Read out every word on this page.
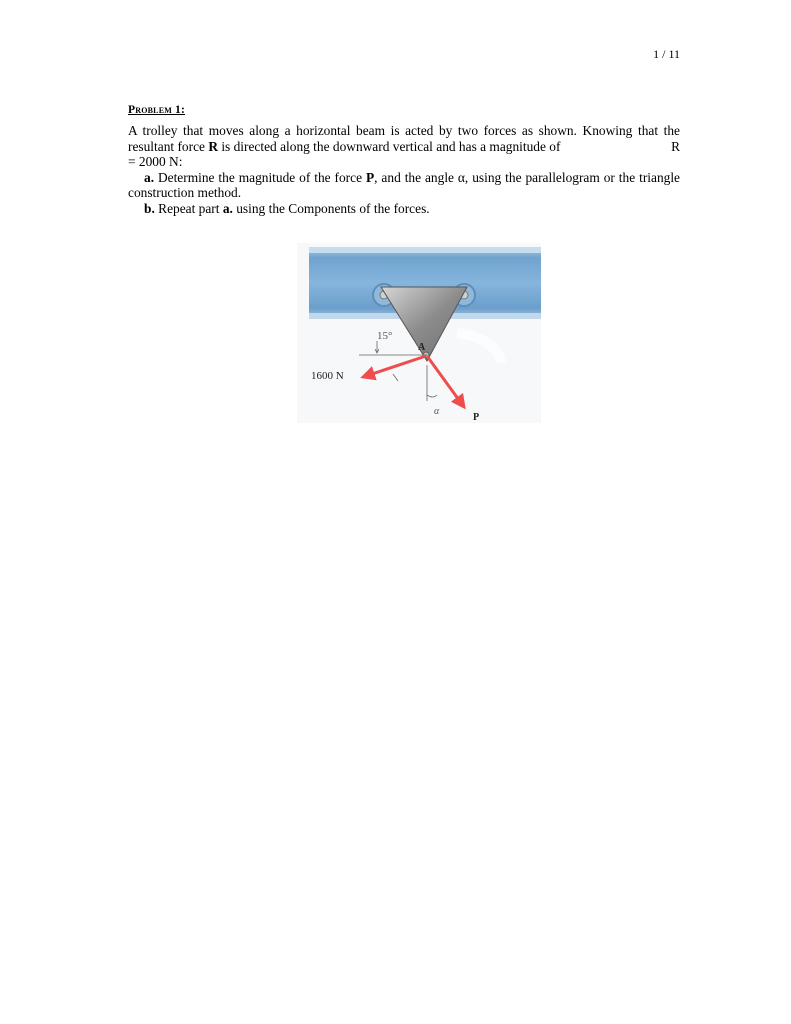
1 / 11
Problem 1:

A trolley that moves along a horizontal beam is acted by two forces as shown. Knowing that the resultant force R is directed along the downward vertical and has a magnitude of	R

= 2000 N:

a. Determine the magnitude of the force P, and the angle α, using the parallelogram or the triangle construction method.

b. Repeat part a. using the Components of the forces.

15°
A
1600 N
α
P
